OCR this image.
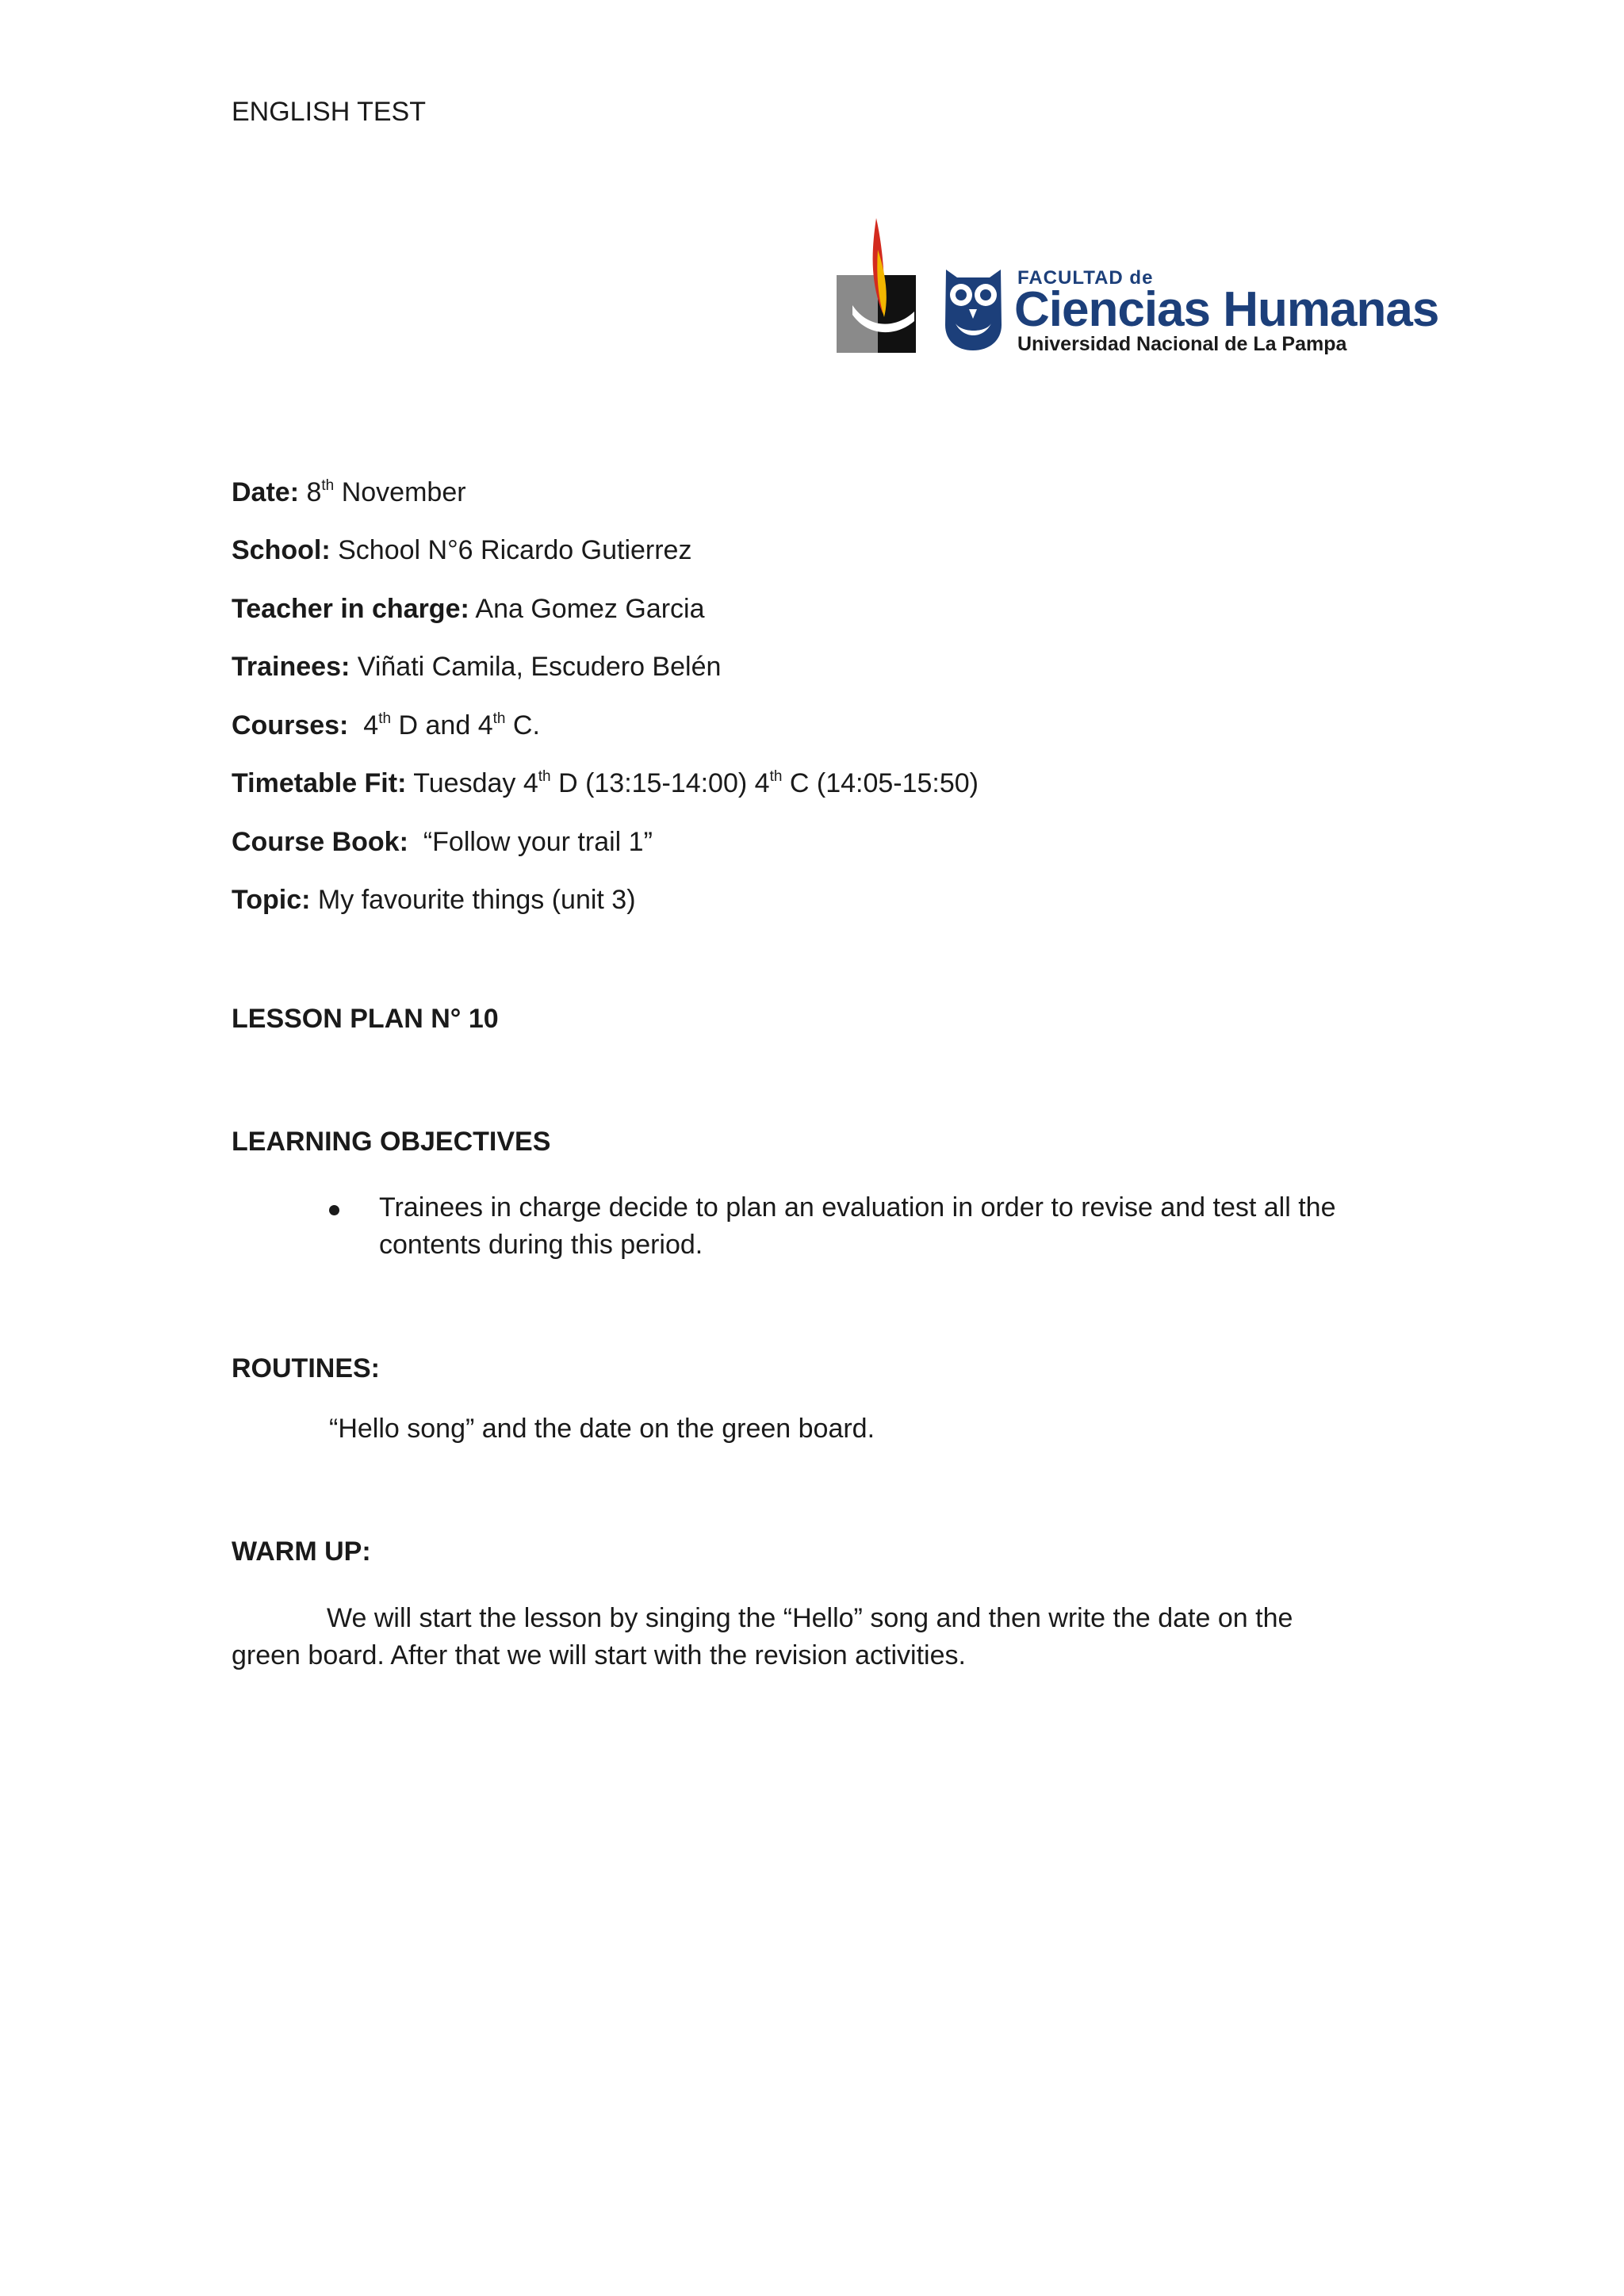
ENGLISH TEST
FACULTAD de
Ciencias Humanas
Universidad Nacional de La Pampa
Date: 8th November
School: School N°6 Ricardo Gutierrez
Teacher in charge: Ana Gomez Garcia
Trainees: Viñati Camila, Escudero Belén
Courses: 4th D and 4th C.
Timetable Fit: Tuesday 4th D (13:15-14:00) 4th C (14:05-15:50)
Course Book: “Follow your trail 1”
Topic: My favourite things (unit 3)
LESSON PLAN N° 10
LEARNING OBJECTIVES
Trainees in charge decide to plan an evaluation in order to revise and test all the contents during this period.
ROUTINES:
“Hello song” and the date on the green board.
WARM UP:
We will start the lesson by singing the “Hello” song and then write the date on the green board. After that we will start with the revision activities.
